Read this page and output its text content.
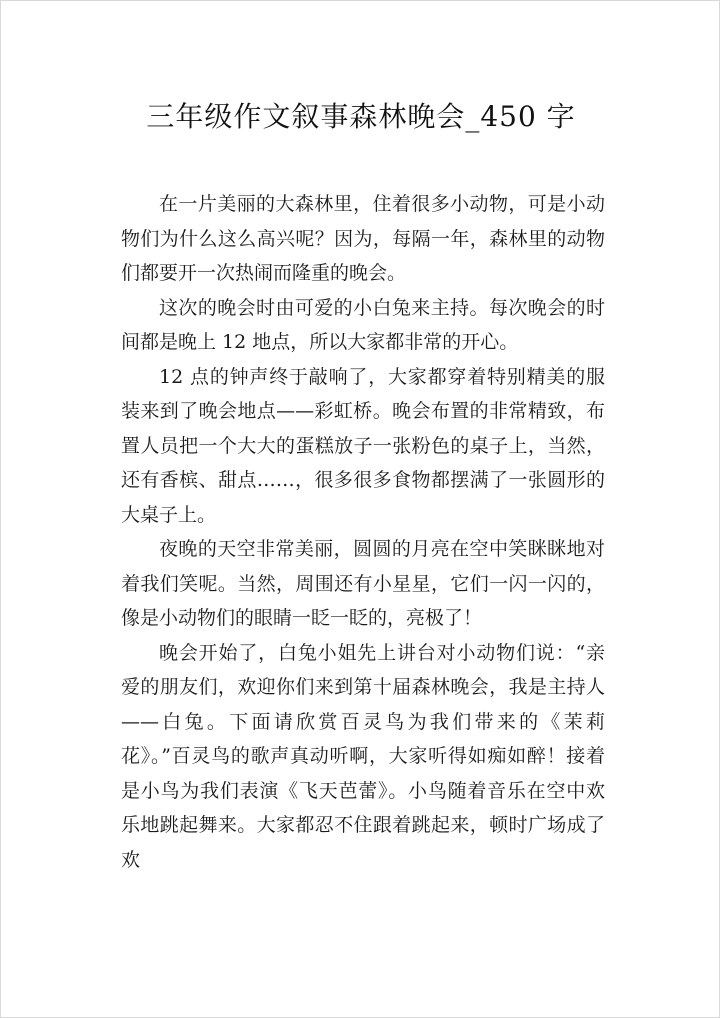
三年级作文叙事森林晚会_450 字

在一片美丽的大森林里，住着很多小动物，可是小动物们为什么这么高兴呢？因为，每隔一年，森林里的动物们都要开一次热闹而隆重的晚会。

这次的晚会时由可爱的小白兔来主持。每次晚会的时间都是晚上 12 地点，所以大家都非常的开心。

12 点的钟声终于敲响了，大家都穿着特别精美的服装来到了晚会地点——彩虹桥。晚会布置的非常精致，布置人员把一个大大的蛋糕放子一张粉色的桌子上，当然，还有香槟、甜点……，很多很多食物都摆满了一张圆形的大桌子上。

夜晚的天空非常美丽，圆圆的月亮在空中笑眯眯地对着我们笑呢。当然，周围还有小星星，它们一闪一闪的，像是小动物们的眼睛一眨一眨的，亮极了！

晚会开始了，白兔小姐先上讲台对小动物们说：“亲爱的朋友们，欢迎你们来到第十届森林晚会，我是主持人——白兔。下面请欣赏百灵鸟为我们带来的《茉莉花》。”百灵鸟的歌声真动听啊，大家听得如痴如醉！接着是小鸟为我们表演《飞天芭蕾》。小鸟随着音乐在空中欢乐地跳起舞来。大家都忍不住跟着跳起来，顿时广场成了欢
